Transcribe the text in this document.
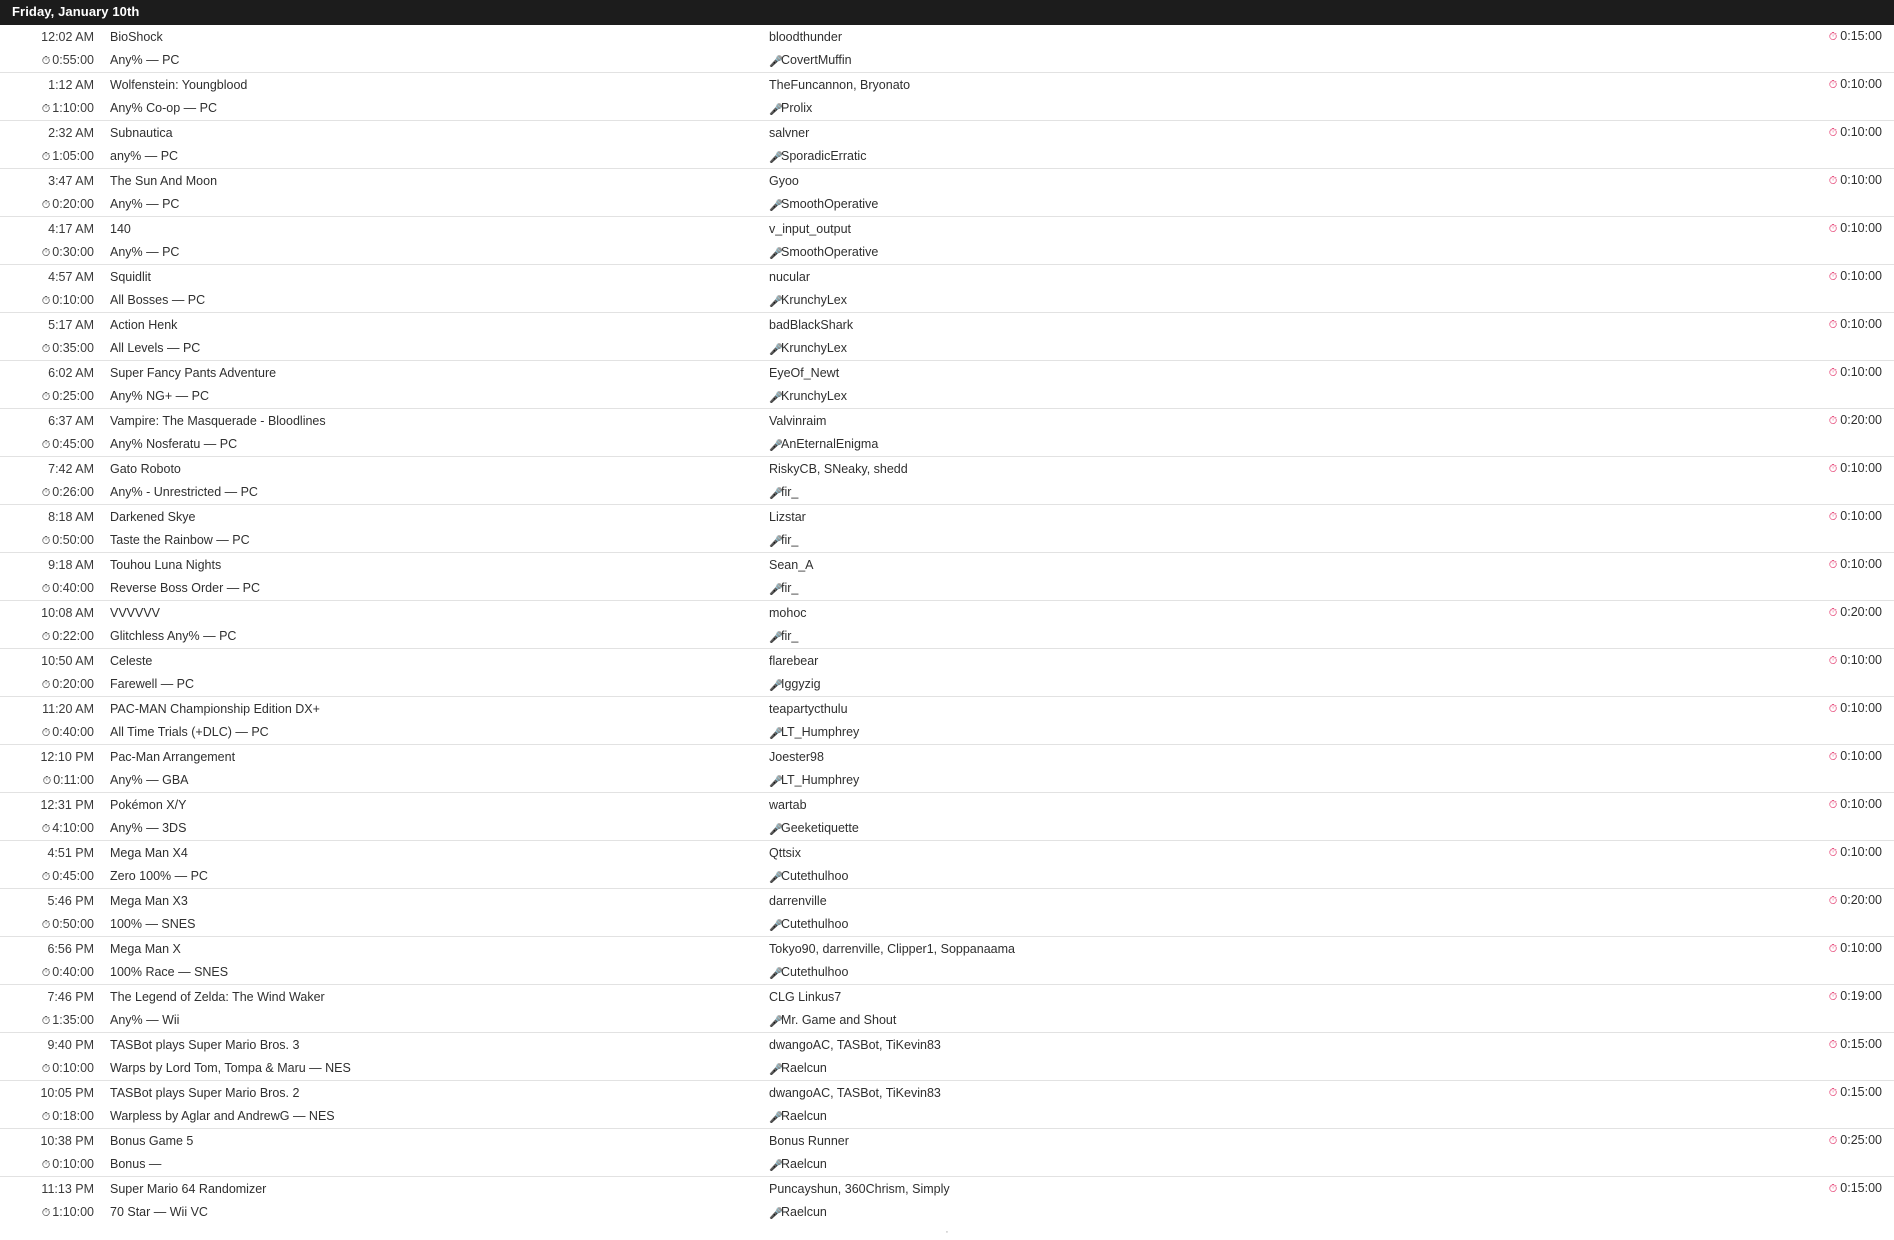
Friday, January 10th
12:02 AM	BioShock	bloodthunder	⏱ 0:15:00
⏱ 0:55:00	Any% — PC	🎤CovertMuffin
1:12 AM	Wolfenstein: Youngblood	TheFuncannon, Bryonato	⏱ 0:10:00
⏱ 1:10:00	Any% Co-op — PC	🎤Prolix
2:32 AM	Subnautica	salvner	⏱ 0:10:00
⏱ 1:05:00	any% — PC	🎤SporadicErratic
3:47 AM	The Sun And Moon	Gyoo	⏱ 0:10:00
⏱ 0:20:00	Any% — PC	🎤SmoothOperative
4:17 AM	140	v_input_output	⏱ 0:10:00
⏱ 0:30:00	Any% — PC	🎤SmoothOperative
4:57 AM	Squidlit	nucular	⏱ 0:10:00
⏱ 0:10:00	All Bosses — PC	🎤KrunchyLex
5:17 AM	Action Henk	badBlackShark	⏱ 0:10:00
⏱ 0:35:00	All Levels — PC	🎤KrunchyLex
6:02 AM	Super Fancy Pants Adventure	EyeOf_Newt	⏱ 0:10:00
⏱ 0:25:00	Any% NG+ — PC	🎤KrunchyLex
6:37 AM	Vampire: The Masquerade - Bloodlines	Valvinraim	⏱ 0:20:00
⏱ 0:45:00	Any% Nosferatu — PC	🎤AnEternalEnigma
7:42 AM	Gato Roboto	RiskyCB, SNeaky, shedd	⏱ 0:10:00
⏱ 0:26:00	Any% - Unrestricted — PC	🎤fir_
8:18 AM	Darkened Skye	Lizstar	⏱ 0:10:00
⏱ 0:50:00	Taste the Rainbow — PC	🎤fir_
9:18 AM	Touhou Luna Nights	Sean_A	⏱ 0:10:00
⏱ 0:40:00	Reverse Boss Order — PC	🎤fir_
10:08 AM	VVVVVV	mohoc	⏱ 0:20:00
⏱ 0:22:00	Glitchless Any% — PC	🎤fir_
10:50 AM	Celeste	flarebear	⏱ 0:10:00
⏱ 0:20:00	Farewell — PC	🎤Iggyzig
11:20 AM	PAC-MAN Championship Edition DX+	teapartycthulu	⏱ 0:10:00
⏱ 0:40:00	All Time Trials (+DLC) — PC	🎤LT_Humphrey
12:10 PM	Pac-Man Arrangement	Joester98	⏱ 0:10:00
⏱ 0:11:00	Any% — GBA	🎤LT_Humphrey
12:31 PM	Pokémon X/Y	wartab	⏱ 0:10:00
⏱ 4:10:00	Any% — 3DS	🎤Geeketiquette
4:51 PM	Mega Man X4	Qttsix	⏱ 0:10:00
⏱ 0:45:00	Zero 100% — PC	🎤Cutethulhoo
5:46 PM	Mega Man X3	darrenville	⏱ 0:20:00
⏱ 0:50:00	100% — SNES	🎤Cutethulhoo
6:56 PM	Mega Man X	Tokyo90, darrenville, Clipper1, Soppanaama	⏱ 0:10:00
⏱ 0:40:00	100% Race — SNES	🎤Cutethulhoo
7:46 PM	The Legend of Zelda: The Wind Waker	CLG Linkus7	⏱ 0:19:00
⏱ 1:35:00	Any% — Wii	🎤Mr. Game and Shout
9:40 PM	TASBot plays Super Mario Bros. 3	dwangoAC, TASBot, TiKevin83	⏱ 0:15:00
⏱ 0:10:00	Warps by Lord Tom, Tompa & Maru — NES	🎤Raelcun
10:05 PM	TASBot plays Super Mario Bros. 2	dwangoAC, TASBot, TiKevin83	⏱ 0:15:00
⏱ 0:18:00	Warpless by Aglar and AndrewG — NES	🎤Raelcun
10:38 PM	Bonus Game 5	Bonus Runner	⏱ 0:25:00
⏱ 0:10:00	Bonus —	🎤Raelcun
11:13 PM	Super Mario 64 Randomizer	Puncayshun, 360Chrism, Simply	⏱ 0:15:00
⏱ 1:10:00	70 Star — Wii VC	🎤Raelcun
·
